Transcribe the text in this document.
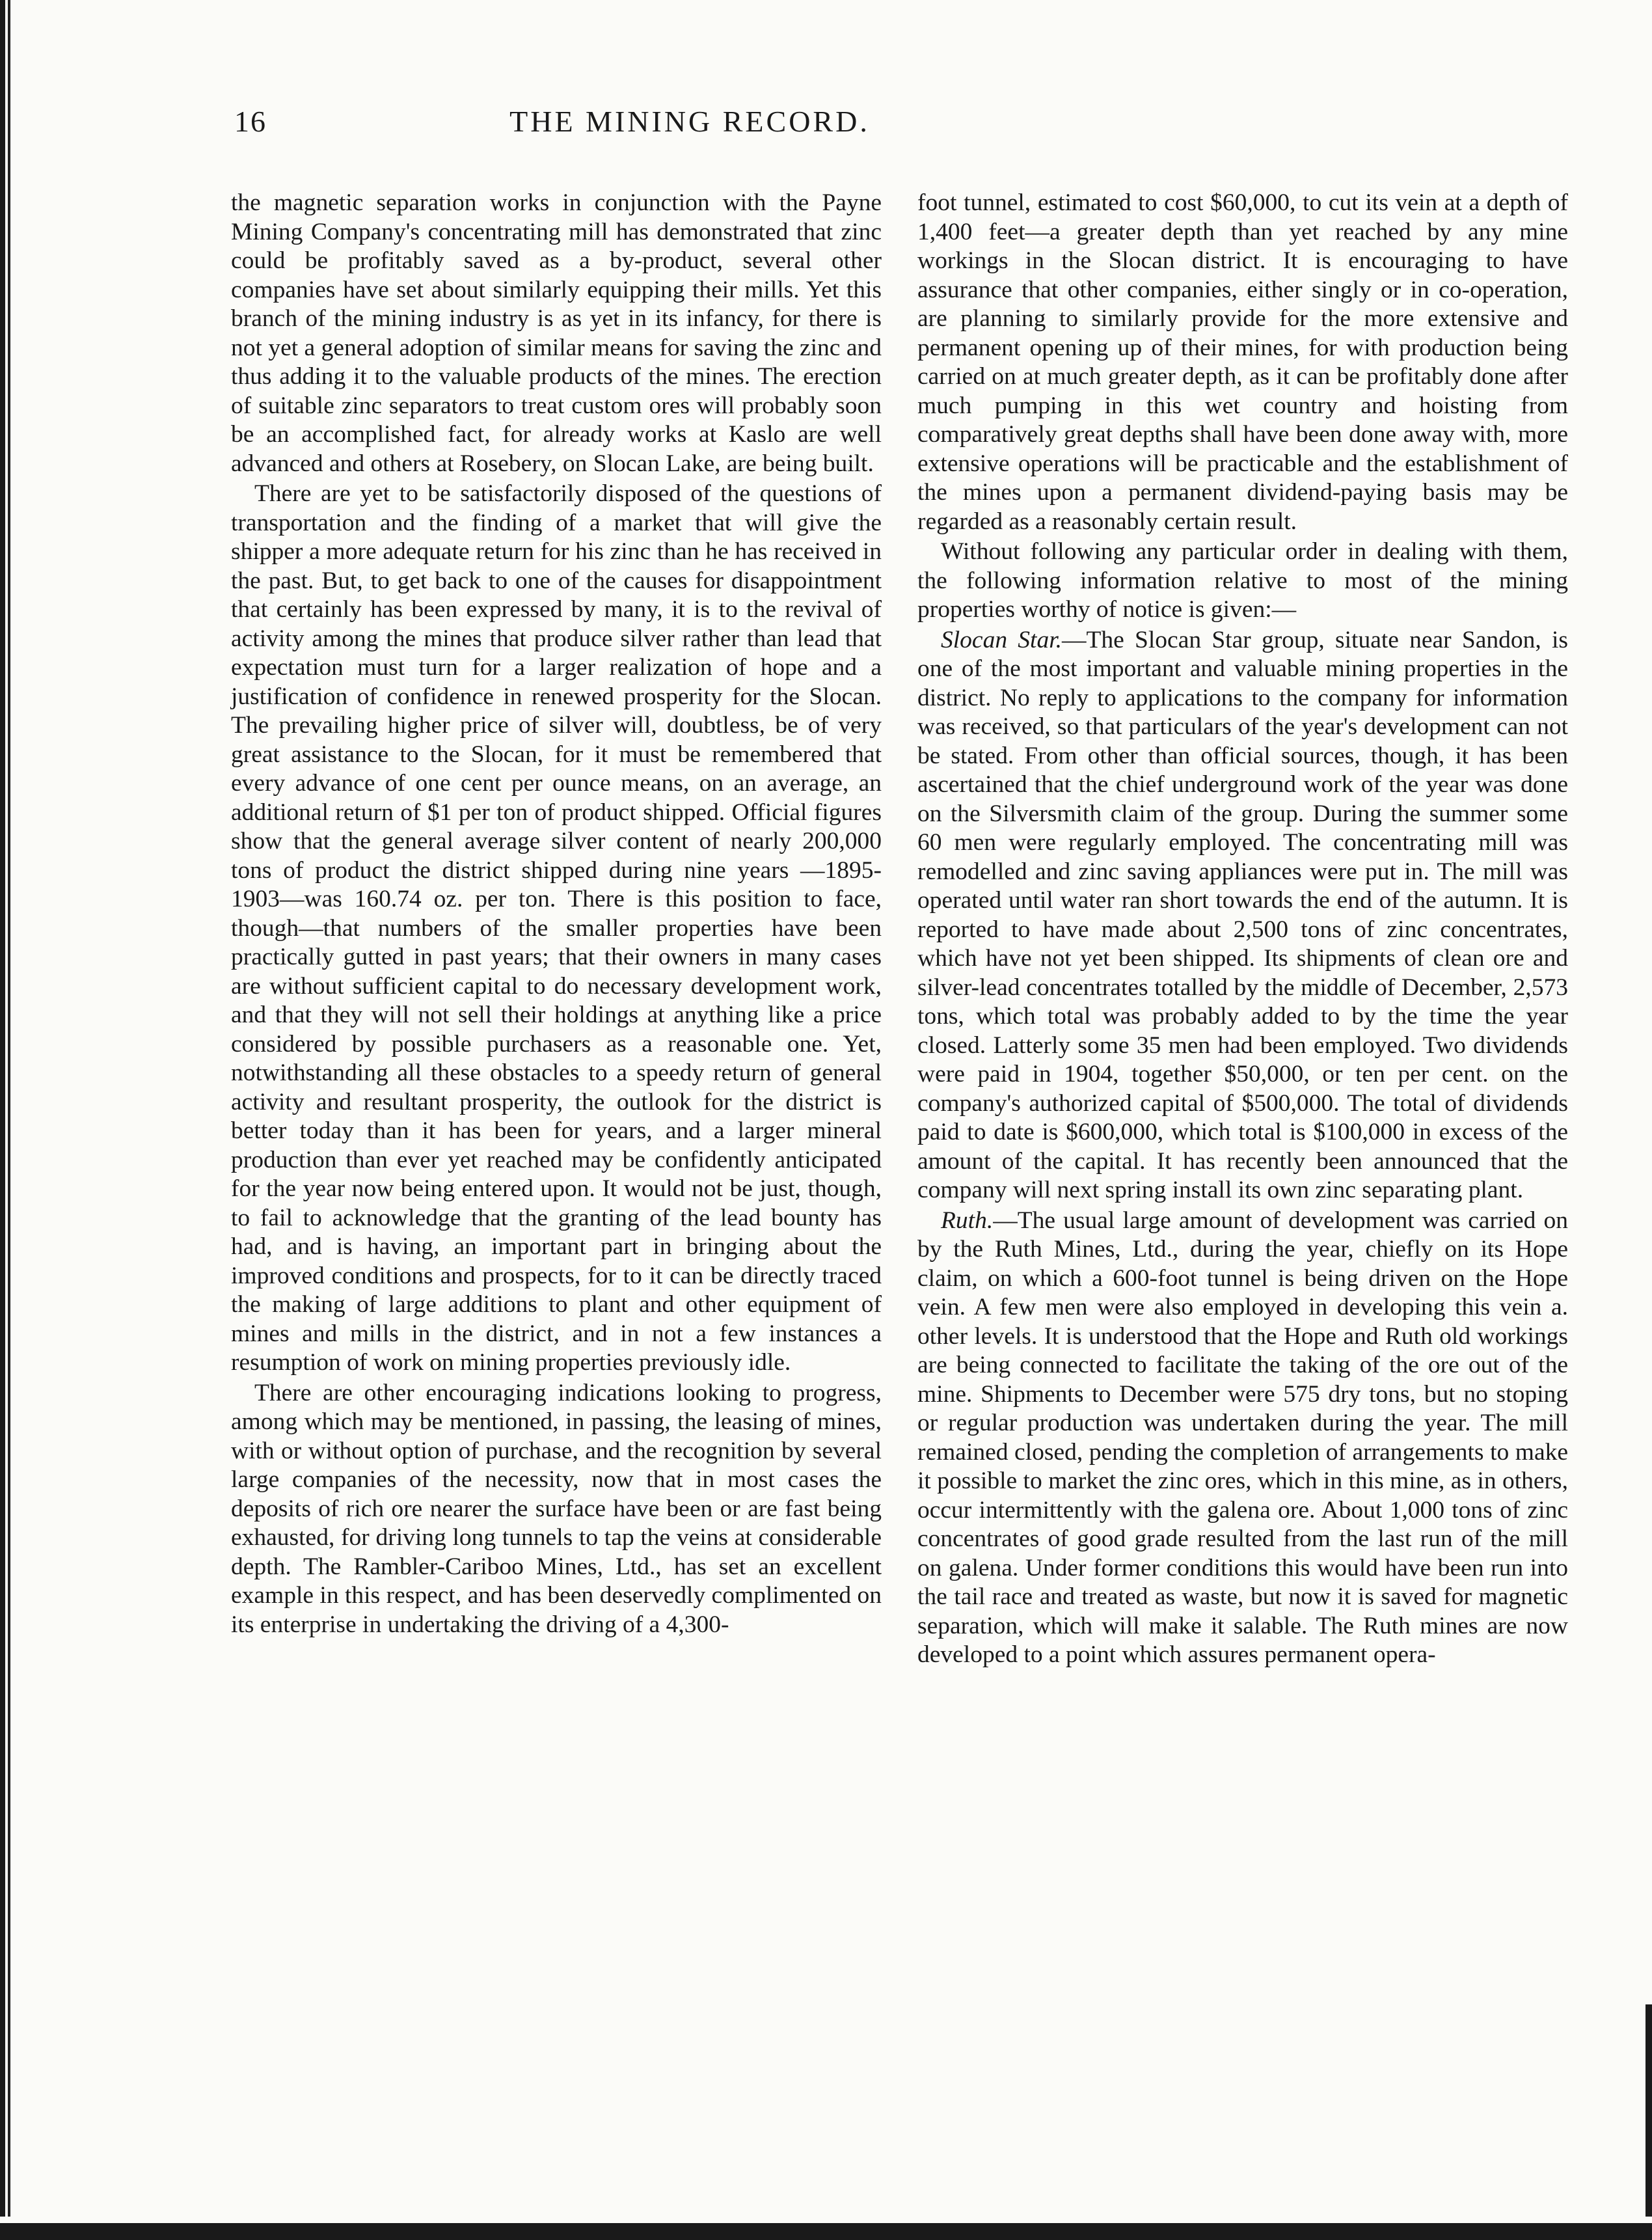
16	THE MINING RECORD.

the magnetic separation works in conjunction with the Payne Mining Company's concentrating mill has demonstrated that zinc could be profitably saved as a by-product, several other companies have set about similarly equipping their mills. Yet this branch of the mining industry is as yet in its infancy, for there is not yet a general adoption of similar means for saving the zinc and thus adding it to the valuable products of the mines. The erection of suitable zinc separators to treat custom ores will probably soon be an accomplished fact, for already works at Kaslo are well advanced and others at Rosebery, on Slocan Lake, are being built.

There are yet to be satisfactorily disposed of the questions of transportation and the finding of a market that will give the shipper a more adequate return for his zinc than he has received in the past. But, to get back to one of the causes for disappointment that certainly has been expressed by many, it is to the revival of activity among the mines that produce silver rather than lead that expectation must turn for a larger realization of hope and a justification of confidence in renewed prosperity for the Slocan. The prevailing higher price of silver will, doubtless, be of very great assistance to the Slocan, for it must be remembered that every advance of one cent per ounce means, on an average, an additional return of $1 per ton of product shipped. Official figures show that the general average silver content of nearly 200,000 tons of product the district shipped during nine years —1895-1903—was 160.74 oz. per ton. There is this position to face, though—that numbers of the smaller properties have been practically gutted in past years; that their owners in many cases are without sufficient capital to do necessary development work, and that they will not sell their holdings at anything like a price considered by possible purchasers as a reasonable one. Yet, notwithstanding all these obstacles to a speedy return of general activity and resultant prosperity, the outlook for the district is better today than it has been for years, and a larger mineral production than ever yet reached may be confidently anticipated for the year now being entered upon. It would not be just, though, to fail to acknowledge that the granting of the lead bounty has had, and is having, an important part in bringing about the improved conditions and prospects, for to it can be directly traced the making of large additions to plant and other equipment of mines and mills in the district, and in not a few instances a resumption of work on mining properties previously idle.

There are other encouraging indications looking to progress, among which may be mentioned, in passing, the leasing of mines, with or without option of purchase, and the recognition by several large companies of the necessity, now that in most cases the deposits of rich ore nearer the surface have been or are fast being exhausted, for driving long tunnels to tap the veins at considerable depth. The Rambler-Cariboo Mines, Ltd., has set an excellent example in this respect, and has been deservedly complimented on its enterprise in undertaking the driving of a 4,300-

foot tunnel, estimated to cost $60,000, to cut its vein at a depth of 1,400 feet—a greater depth than yet reached by any mine workings in the Slocan district. It is encouraging to have assurance that other companies, either singly or in co-operation, are planning to similarly provide for the more extensive and permanent opening up of their mines, for with production being carried on at much greater depth, as it can be profitably done after much pumping in this wet country and hoisting from comparatively great depths shall have been done away with, more extensive operations will be practicable and the establishment of the mines upon a permanent dividend-paying basis may be regarded as a reasonably certain result.

Without following any particular order in dealing with them, the following information relative to most of the mining properties worthy of notice is given:—

Slocan Star.—The Slocan Star group, situate near Sandon, is one of the most important and valuable mining properties in the district. No reply to applications to the company for information was received, so that particulars of the year's development can not be stated. From other than official sources, though, it has been ascertained that the chief underground work of the year was done on the Silversmith claim of the group. During the summer some 60 men were regularly employed. The concentrating mill was remodelled and zinc saving appliances were put in. The mill was operated until water ran short towards the end of the autumn. It is reported to have made about 2,500 tons of zinc concentrates, which have not yet been shipped. Its shipments of clean ore and silver-lead concentrates totalled by the middle of December, 2,573 tons, which total was probably added to by the time the year closed. Latterly some 35 men had been employed. Two dividends were paid in 1904, together $50,000, or ten per cent. on the company's authorized capital of $500,000. The total of dividends paid to date is $600,000, which total is $100,000 in excess of the amount of the capital. It has recently been announced that the company will next spring install its own zinc separating plant.

Ruth.—The usual large amount of development was carried on by the Ruth Mines, Ltd., during the year, chiefly on its Hope claim, on which a 600-foot tunnel is being driven on the Hope vein. A few men were also employed in developing this vein a. other levels. It is understood that the Hope and Ruth old workings are being connected to facilitate the taking of the ore out of the mine. Shipments to December were 575 dry tons, but no stoping or regular production was undertaken during the year. The mill remained closed, pending the completion of arrangements to make it possible to market the zinc ores, which in this mine, as in others, occur intermittently with the galena ore. About 1,000 tons of zinc concentrates of good grade resulted from the last run of the mill on galena. Under former conditions this would have been run into the tail race and treated as waste, but now it is saved for magnetic separation, which will make it salable. The Ruth mines are now developed to a point which assures permanent opera-
